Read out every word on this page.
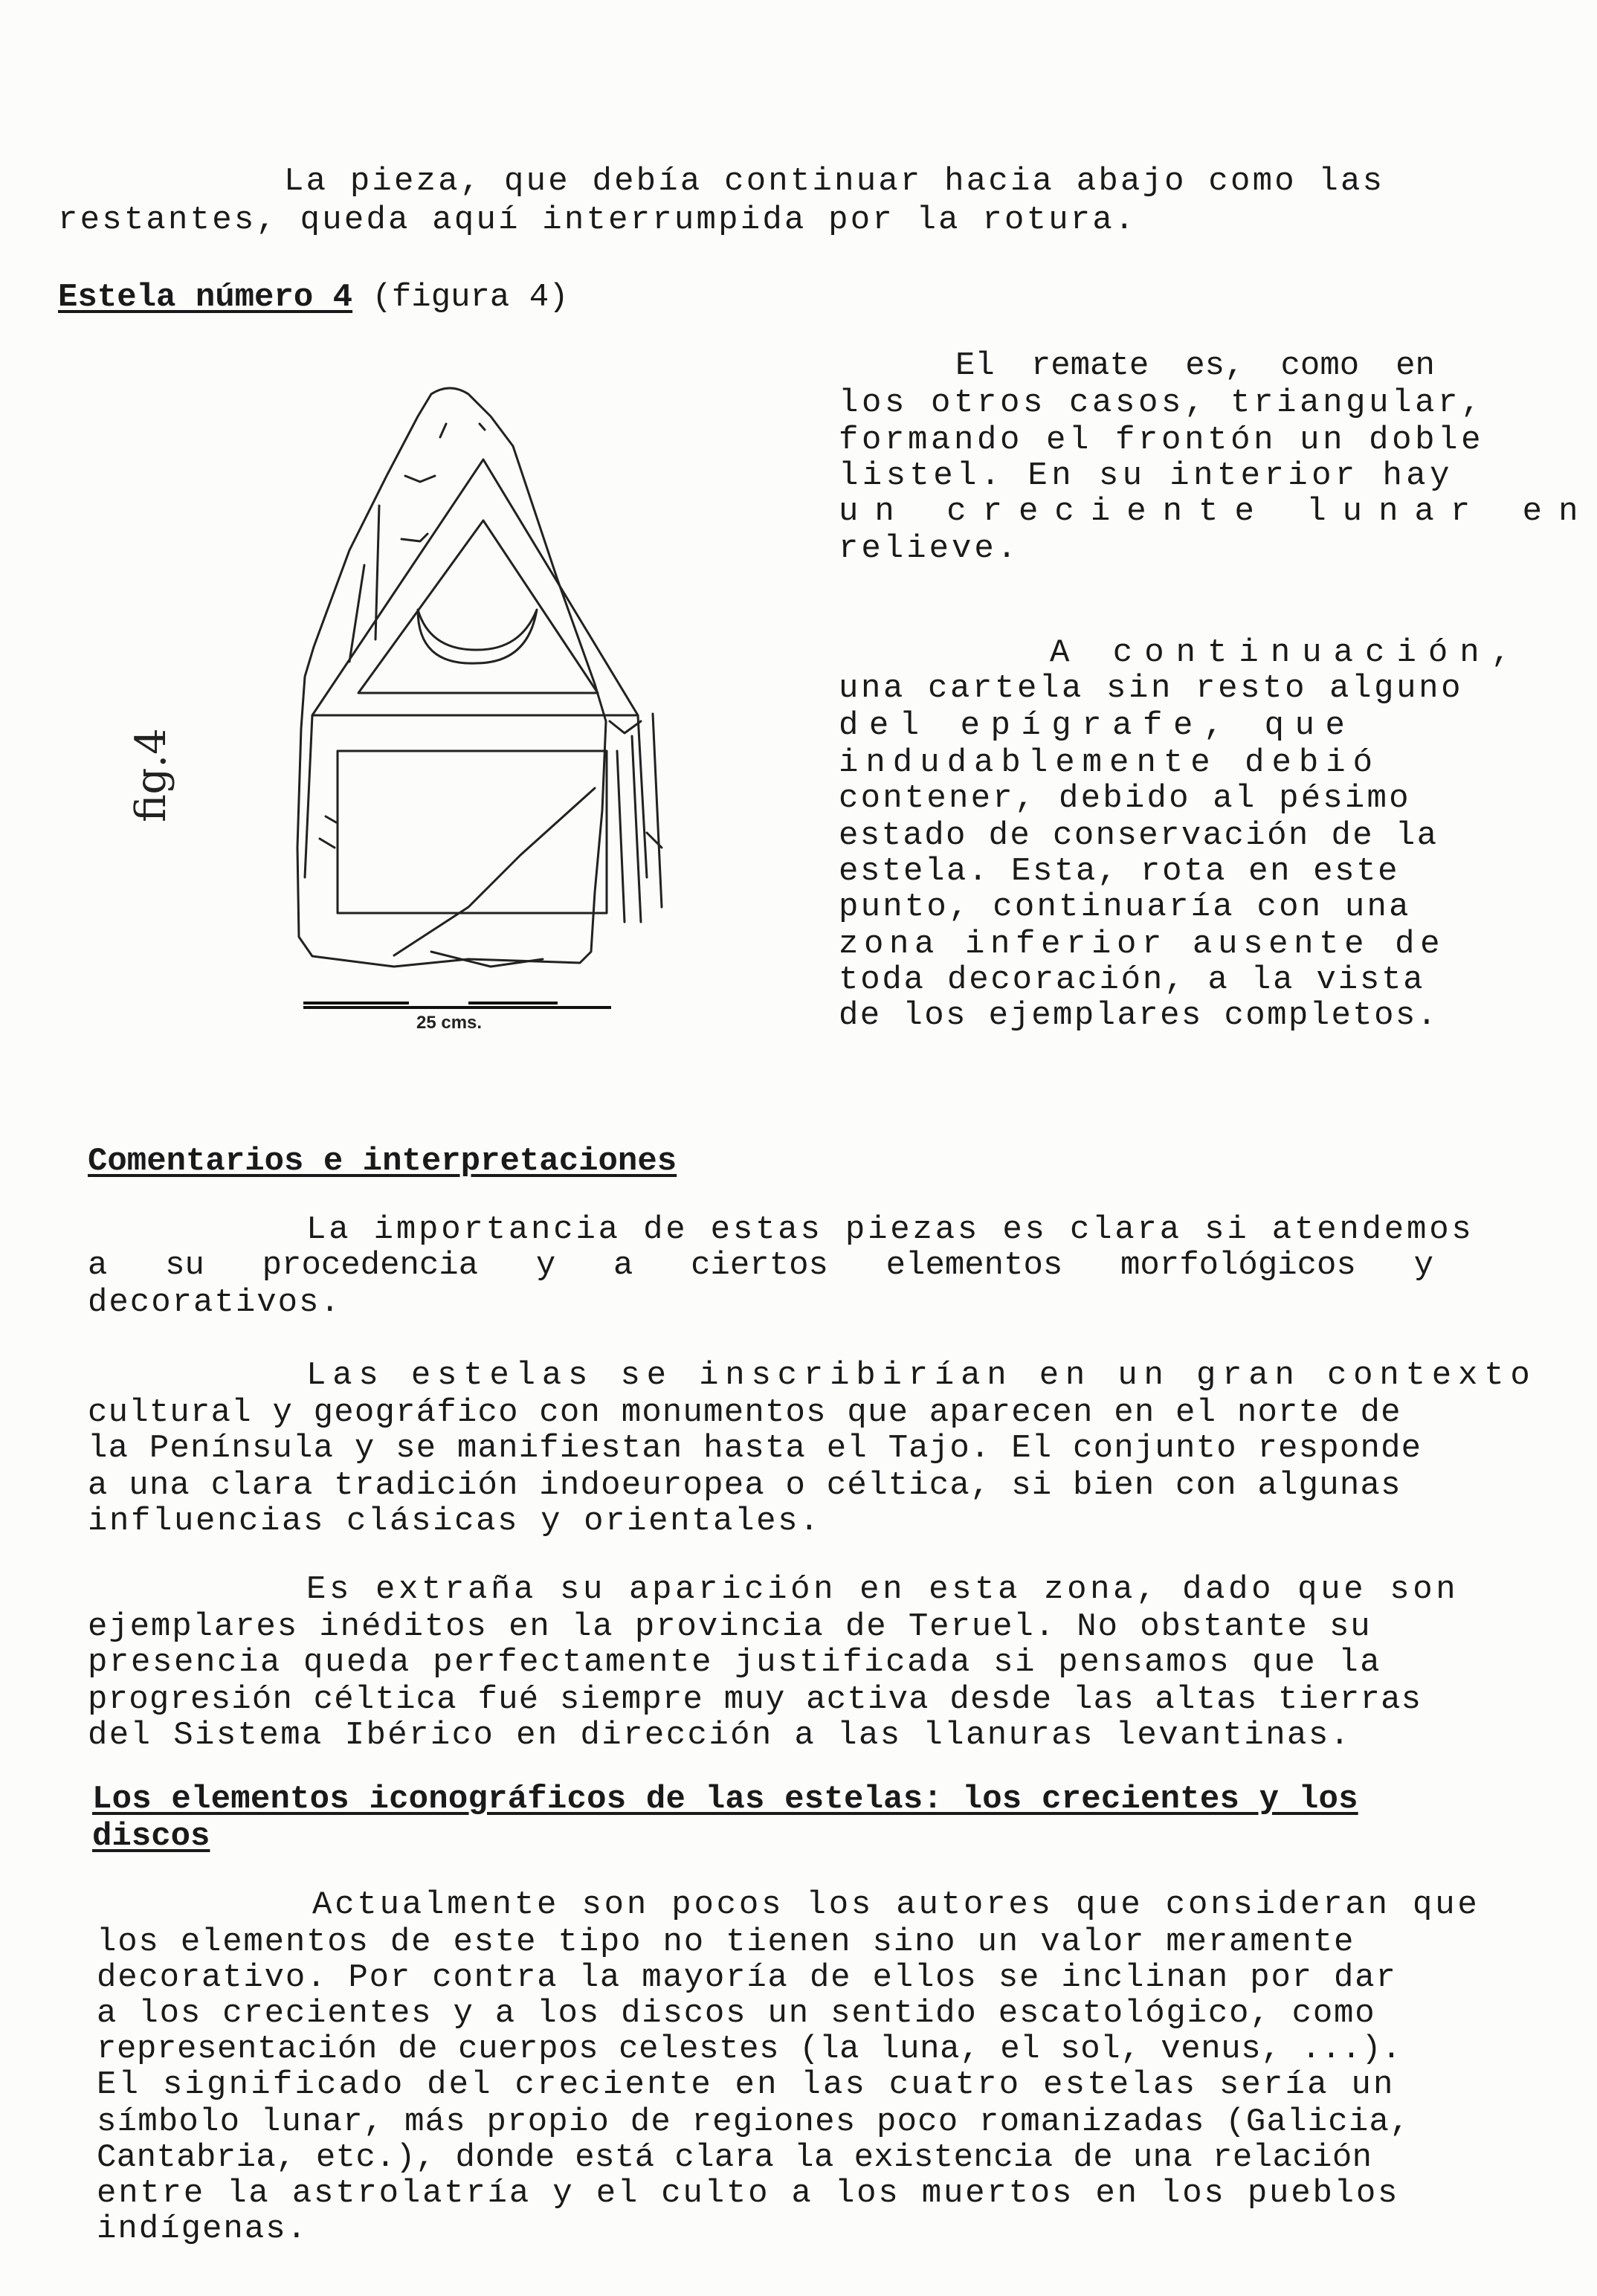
La pieza, que debía continuar hacia abajo como las
restantes, queda aquí interrumpida por la rotura.
Estela número 4 (figura 4)
El remate es, como en
los otros casos, triangular,
formando el frontón un doble
listel. En su interior hay
un creciente lunar en
relieve.
A continuación,
una cartela sin resto alguno
del epígrafe, que
indudablemente debió
contener, debido al pésimo
estado de conservación de la
estela. Esta, rota en este
punto, continuaría con una
zona inferior ausente de
toda decoración, a la vista
de los ejemplares completos.
25 cms.
fig.4
Comentarios e interpretaciones
La importancia de estas piezas es clara si atendemos
a su procedencia y a ciertos elementos morfológicos y
decorativos.
Las estelas se inscribirían en un gran contexto
cultural y geográfico con monumentos que aparecen en el norte de
la Península y se manifiestan hasta el Tajo. El conjunto responde
a una clara tradición indoeuropea o céltica, si bien con algunas
influencias clásicas y orientales.
Es extraña su aparición en esta zona, dado que son
ejemplares inéditos en la provincia de Teruel. No obstante su
presencia queda perfectamente justificada si pensamos que la
progresión céltica fué siempre muy activa desde las altas tierras
del Sistema Ibérico en dirección a las llanuras levantinas.
Los elementos iconográficos de las estelas: los crecientes y los
discos
Actualmente son pocos los autores que consideran que
los elementos de este tipo no tienen sino un valor meramente
decorativo. Por contra la mayoría de ellos se inclinan por dar
a los crecientes y a los discos un sentido escatológico, como
representación de cuerpos celestes (la luna, el sol, venus, ...).
El significado del creciente en las cuatro estelas sería un
símbolo lunar, más propio de regiones poco romanizadas (Galicia,
Cantabria, etc.), donde está clara la existencia de una relación
entre la astrolatría y el culto a los muertos en los pueblos
indígenas.
